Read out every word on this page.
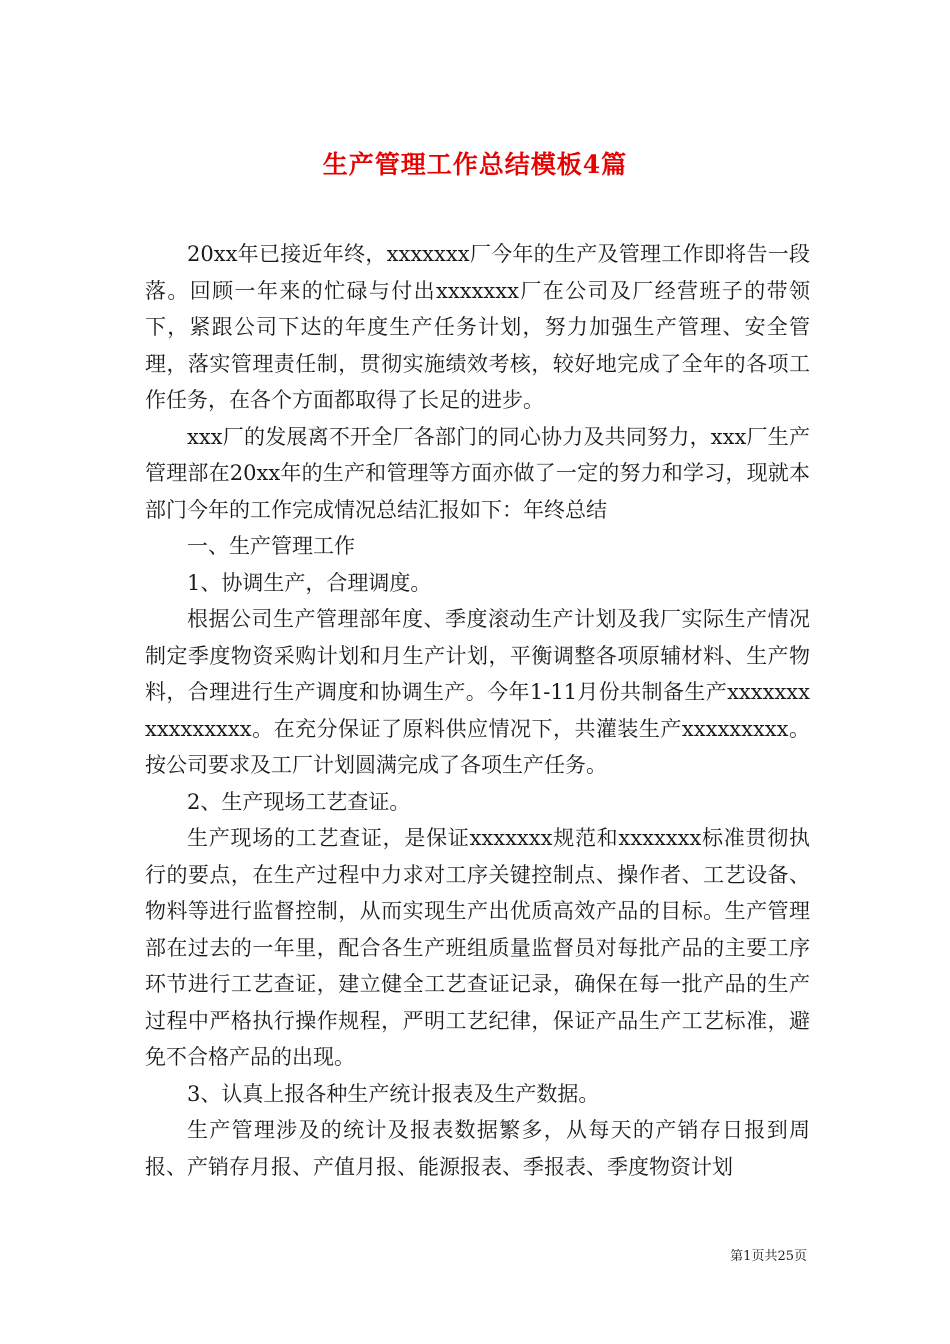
生产管理工作总结模板4篇

20xx年已接近年终，xxxxxxx厂今年的生产及管理工作即将告一段落。回顾一年来的忙碌与付出xxxxxxx厂在公司及厂经营班子的带领下，紧跟公司下达的年度生产任务计划，努力加强生产管理、安全管理，落实管理责任制，贯彻实施绩效考核，较好地完成了全年的各项工作任务，在各个方面都取得了长足的进步。

xxx厂的发展离不开全厂各部门的同心协力及共同努力，xxx厂生产管理部在20xx年的生产和管理等方面亦做了一定的努力和学习，现就本部门今年的工作完成情况总结汇报如下：年终总结

一、生产管理工作

1、协调生产，合理调度。

根据公司生产管理部年度、季度滚动生产计划及我厂实际生产情况制定季度物资采购计划和月生产计划，平衡调整各项原辅材料、生产物料，合理进行生产调度和协调生产。今年1-11月份共制备生产xxxxxxxxxxxxxxxx。在充分保证了原料供应情况下，共灌装生产xxxxxxxxx。按公司要求及工厂计划圆满完成了各项生产任务。

2、生产现场工艺查证。

生产现场的工艺查证，是保证xxxxxxx规范和xxxxxxx标准贯彻执行的要点，在生产过程中力求对工序关键控制点、操作者、工艺设备、物料等进行监督控制，从而实现生产出优质高效产品的目标。生产管理部在过去的一年里，配合各生产班组质量监督员对每批产品的主要工序环节进行工艺查证，建立健全工艺查证记录，确保在每一批产品的生产过程中严格执行操作规程，严明工艺纪律，保证产品生产工艺标准，避免不合格产品的出现。

3、认真上报各种生产统计报表及生产数据。

生产管理涉及的统计及报表数据繁多，从每天的产销存日报到周报、产销存月报、产值月报、能源报表、季报表、季度物资计划

第1页共25页
